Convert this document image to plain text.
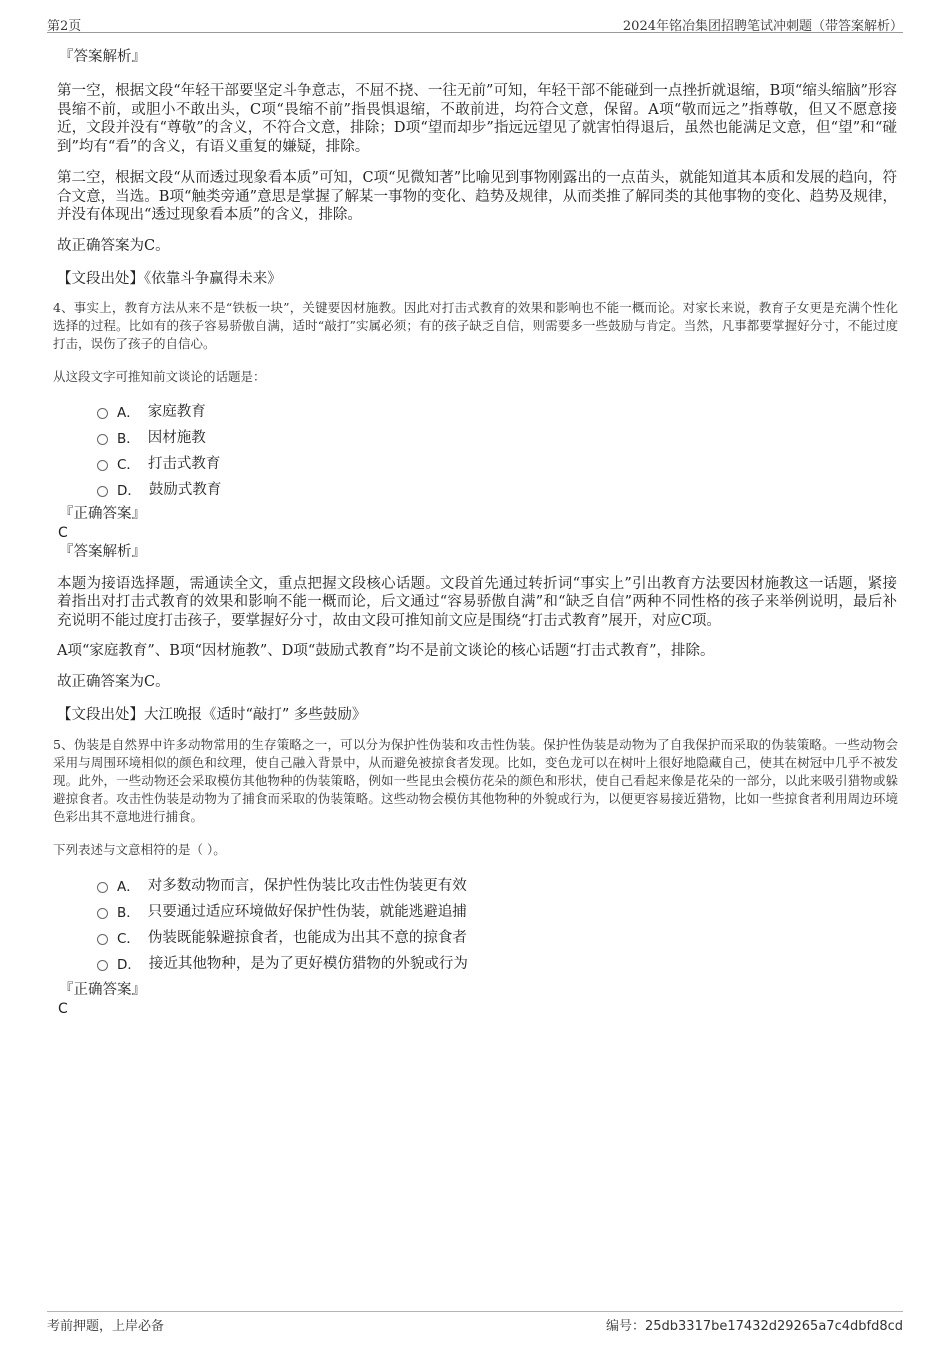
第2页	2024年铭冶集团招聘笔试冲刺题（带答案解析）

『答案解析』

第一空，根据文段“年轻干部要坚定斗争意志，不屈不挠、一往无前”可知，年轻干部不能碰到一点挫折就退缩，B项“缩头缩脑”形容畏缩不前，或胆小不敢出头，C项“畏缩不前”指畏惧退缩，不敢前进，均符合文意，保留。A项“敬而远之”指尊敬，但又不愿意接近，文段并没有“尊敬”的含义，不符合文意，排除；D项“望而却步”指远远望见了就害怕得退后，虽然也能满足文意，但“望”和“碰到”均有“看”的含义，有语义重复的嫌疑，排除。

第二空，根据文段“从而透过现象看本质”可知，C项“见微知著”比喻见到事物刚露出的一点苗头，就能知道其本质和发展的趋向，符合文意，当选。B项“触类旁通”意思是掌握了解某一事物的变化、趋势及规律，从而类推了解同类的其他事物的变化、趋势及规律，并没有体现出“透过现象看本质”的含义，排除。

故正确答案为C。

【文段出处】《依靠斗争赢得未来》

4、事实上，教育方法从来不是“铁板一块”，关键要因材施教。因此对打击式教育的效果和影响也不能一概而论。对家长来说，教育子女更是充满个性化选择的过程。比如有的孩子容易骄傲自满，适时“敲打”实属必须；有的孩子缺乏自信，则需要多一些鼓励与肯定。当然，凡事都要掌握好分寸，不能过度打击，误伤了孩子的自信心。

从这段文字可推知前文谈论的话题是：

A． 家庭教育
B． 因材施教
C． 打击式教育
D． 鼓励式教育

『正确答案』

C

『答案解析』

本题为接语选择题，需通读全文，重点把握文段核心话题。文段首先通过转折词“事实上”引出教育方法要因材施教这一话题，紧接着指出对打击式教育的效果和影响不能一概而论，后文通过“容易骄傲自满”和“缺乏自信”两种不同性格的孩子来举例说明，最后补充说明不能过度打击孩子，要掌握好分寸，故由文段可推知前文应是围绕“打击式教育”展开，对应C项。

A项“家庭教育”、B项“因材施教”、D项“鼓励式教育”均不是前文谈论的核心话题“打击式教育”，排除。

故正确答案为C。

【文段出处】大江晚报《适时“敲打” 多些鼓励》

5、伪装是自然界中许多动物常用的生存策略之一，可以分为保护性伪装和攻击性伪装。保护性伪装是动物为了自我保护而采取的伪装策略。一些动物会采用与周围环境相似的颜色和纹理，使自己融入背景中，从而避免被掠食者发现。比如，变色龙可以在树叶上很好地隐藏自己，使其在树冠中几乎不被发现。此外，一些动物还会采取模仿其他物种的伪装策略，例如一些昆虫会模仿花朵的颜色和形状，使自己看起来像是花朵的一部分，以此来吸引猎物或躲避掠食者。攻击性伪装是动物为了捕食而采取的伪装策略。这些动物会模仿其他物种的外貌或行为，以便更容易接近猎物，比如一些掠食者利用周边环境色彩出其不意地进行捕食。

下列表述与文意相符的是（ ）。

A． 对多数动物而言，保护性伪装比攻击性伪装更有效
B． 只要通过适应环境做好保护性伪装，就能逃避追捕
C． 伪装既能躲避掠食者，也能成为出其不意的掠食者
D． 接近其他物种，是为了更好模仿猎物的外貌或行为

『正确答案』

C

考前押题，上岸必备	编号：25db3317be17432d29265a7c4dbfd8cd
